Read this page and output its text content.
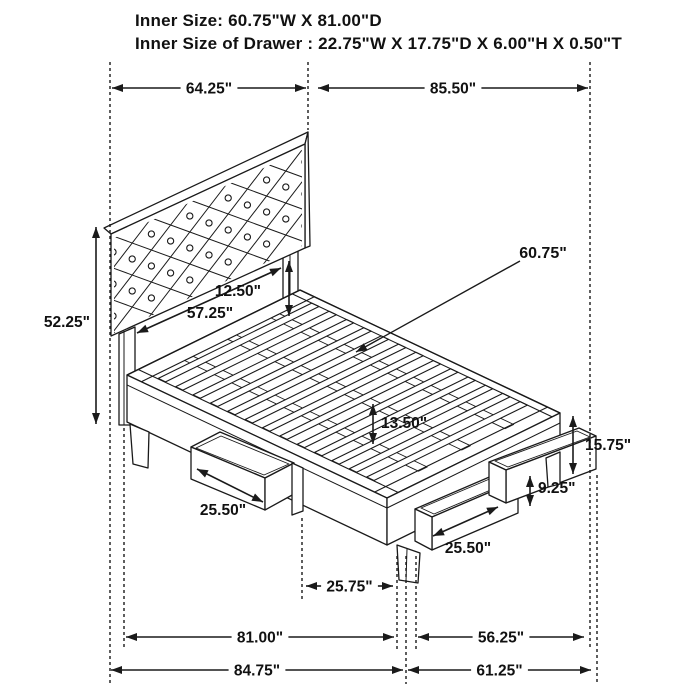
64.25"	85.50"
52.25"
57.25"
12.50"
13.50"
15.75"
9.25"
25.50"
25.50"
25.75"
81.00"	56.25"
84.75"	61.25"
60.75"
Inner Size: 60.75"W X 81.00"D
Inner Size of Drawer : 22.75"W X 17.75"D X 6.00"H X 0.50"T
